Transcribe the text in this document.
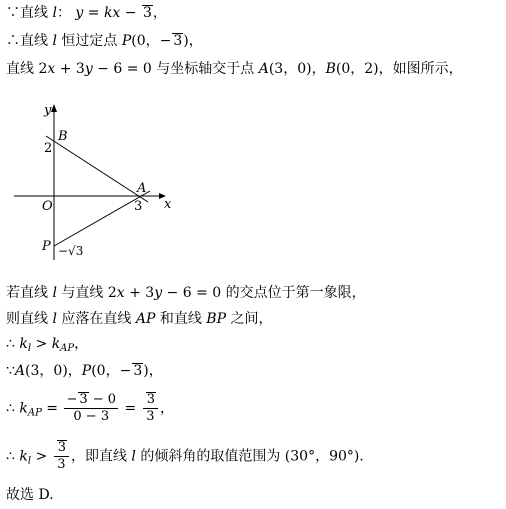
∵直线 l： y = kx − 3，
∴直线 l 恒过定点 P(0，− 3)，
直线 2x + 3y − 6 = 0 与坐标轴交于点 A(3，0)，B(0，2)，如图所示，
y
x
O
B
2
A
3
P −√3
若直线 l 与直线 2x + 3y − 6 = 0 的交点位于第一象限，
则直线 l 应落在直线 AP 和直线 BP 之间，
∴ $k_l > k_{AP}$，
∵A(3，0)，P(0，− 3)，
∴ $k_{AP} = \frac{- 3 - 0}{0 - 3} = \frac{3}{3}$ ，
∴ $k_l > \frac{3}{3}$ ，即直线 l 的倾斜角的取值范围为 (30°，90°)．
故选 D.
